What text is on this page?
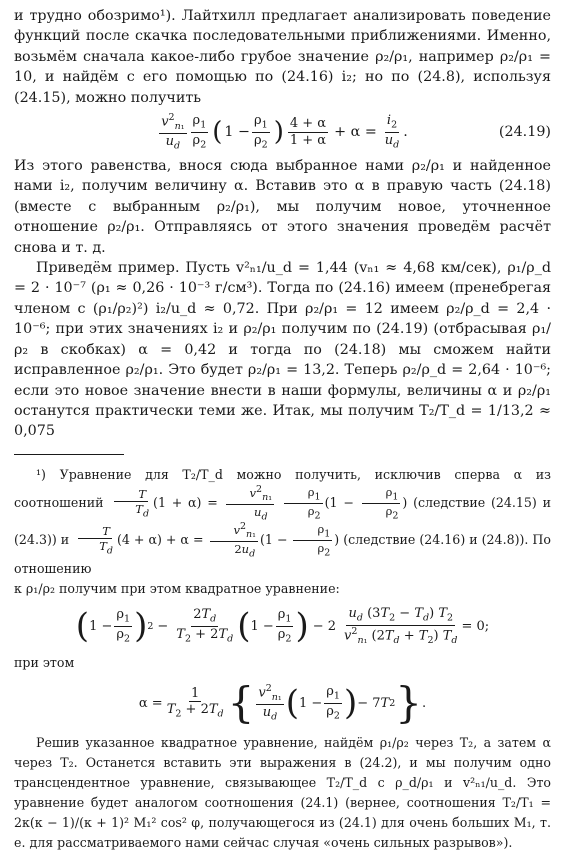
и трудно обозримо¹). Лайтхилл предлагает анализировать поведение функций после скачка последовательными приближениями. Именно, возьмём сначала какое-либо грубое значение ρ₂/ρ₁, например ρ₂/ρ₁ = 10, и найдём с его помощью по (24.16) i₂; но по (24.8), используя (24.15), можно получить

$\frac{v^2_{n_1}}{u_d} \frac{\rho_1}{\rho_2}$ ( $1 - \frac{\rho_1}{\rho_2}$ ) $\frac{4 + \alpha}{1 + \alpha} + \alpha = \frac{i_2}{u_d}$ .	(24.19)

Из этого равенства, внося сюда выбранное нами ρ₂/ρ₁ и найденное нами i₂, получим величину α. Вставив это α в правую часть (24.18) (вместе с выбранным ρ₂/ρ₁), мы получим новое, уточненное отношение ρ₂/ρ₁. Отправляясь от этого значения проведём расчёт снова и т. д.

Приведём пример. Пусть v²ₙ₁/u_d = 1,44 (vₙ₁ ≈ 4,68 км/сек), ρ₁/ρ_d = 2 · 10⁻⁷ (ρ₁ ≈ 0,26 · 10⁻³ г/см³). Тогда по (24.16) имеем (пренебрегая членом с (ρ₁/ρ₂)²) i₂/u_d ≈ 0,72. При ρ₂/ρ₁ = 12 имеем ρ₂/ρ_d = 2,4 · 10⁻⁶; при этих значениях i₂ и ρ₂/ρ₁ получим по (24.19) (отбрасывая ρ₁/ρ₂ в скобках) α = 0,42 и тогда по (24.18) мы сможем найти исправленное ρ₂/ρ₁. Это будет ρ₂/ρ₁ = 13,2. Теперь ρ₂/ρ_d = 2,64 · 10⁻⁶; если это новое значение внести в наши формулы, величины α и ρ₂/ρ₁ останутся практически теми же. Итак, мы получим T₂/T_d = 1/13,2 ≈ 0,075

¹) Уравнение для T₂/T_d можно получить, исключив сперва α из соотношений $\frac{T}{T_d} (1 + \alpha) = \frac{v^2_{n_1}}{u_d}$
$\frac{\rho_1}{\rho_2} (1 - \frac{\rho_1}{\rho_2}$ ) (следствие (24.15) и (24.3)) и $\frac{T}{T_d} (4 + \alpha) + \alpha = \frac{v^2_{n_1}}{2u_d} (1 - \frac{\rho_1}{\rho_2}$ ) (следствие (24.16) и (24.8)). По отношению

к ρ₁/ρ₂ получим при этом квадратное уравнение:

( $1 - \frac{\rho_1}{\rho_2}$ ) $2 - \frac{2T_d}{T_2 + 2T_d}$ ( $1 - \frac{\rho_1}{\rho_2}$ ) − $2 \frac{u_d (3T_2 - T_d) T_2}{v^2_{n_1} (2T_d + T_2) T_d} = 0$;

при этом

$\alpha = \frac{1}{T_2 + 2T_d}$ { $\frac{v^2_{n_1}}{u_d}$ ( $1 - \frac{\rho_1}{\rho_2}$ ) − 7 T 2 } .

Решив указанное квадратное уравнение, найдём ρ₁/ρ₂ через T₂, а затем α через T₂. Останется вставить эти выражения в (24.2), и мы получим одно трансцендентное уравнение, связывающее T₂/T_d с ρ_d/ρ₁ и v²ₙ₁/u_d. Это уравнение будет аналогом соотношения (24.1) (вернее, соотношения T₂/T₁ = 2κ(κ − 1)/(κ + 1)² M₁² cos² φ, получающегося из (24.1) для очень больших M₁, т. е. для рассматриваемого нами сейчас случая «очень сильных разрывов»).
